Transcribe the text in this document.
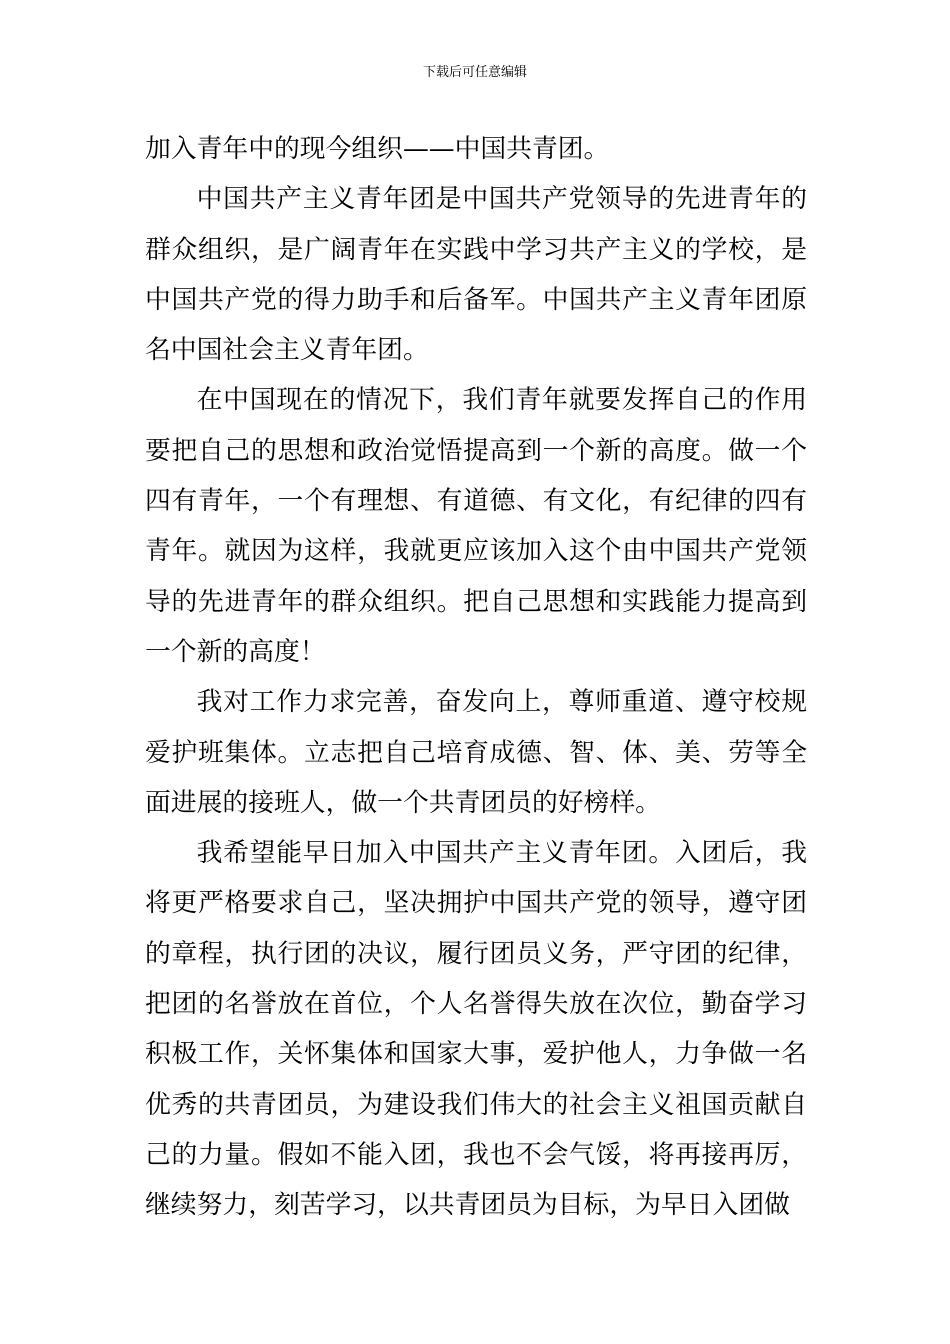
下载后可任意编辑

加入青年中的现今组织——中国共青团。

中国共产主义青年团是中国共产党领导的先进青年的群众组织，是广阔青年在实践中学习共产主义的学校，是中国共产党的得力助手和后备军。中国共产主义青年团原名中国社会主义青年团。

在中国现在的情况下，我们青年就要发挥自己的作用要把自己的思想和政治觉悟提高到一个新的高度。做一个四有青年，一个有理想、有道德、有文化，有纪律的四有青年。就因为这样，我就更应该加入这个由中国共产党领导的先进青年的群众组织。把自己思想和实践能力提高到一个新的高度！

我对工作力求完善，奋发向上，尊师重道、遵守校规爱护班集体。立志把自己培育成德、智、体、美、劳等全面进展的接班人，做一个共青团员的好榜样。

我希望能早日加入中国共产主义青年团。入团后，我将更严格要求自己，坚决拥护中国共产党的领导，遵守团的章程，执行团的决议，履行团员义务，严守团的纪律，把团的名誉放在首位，个人名誉得失放在次位，勤奋学习积极工作，关怀集体和国家大事，爱护他人，力争做一名优秀的共青团员，为建设我们伟大的社会主义祖国贡献自己的力量。假如不能入团，我也不会气馁，将再接再厉，继续努力，刻苦学习，以共青团员为目标，为早日入团做
